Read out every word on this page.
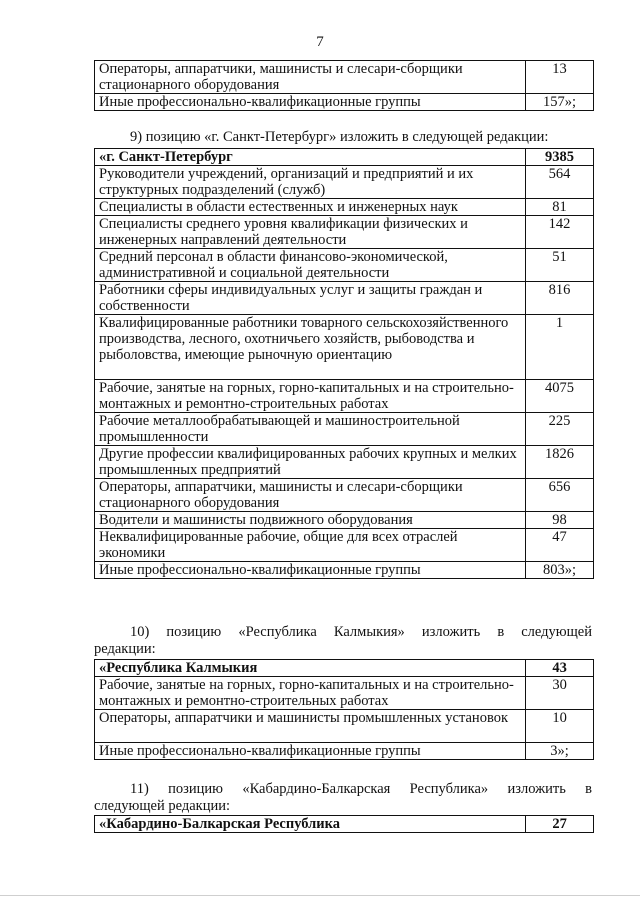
7
Операторы, аппаратчики, машинисты и слесари-сборщики стационарного оборудования	13
Иные профессионально-квалификационные группы	157»;
9) позицию «г. Санкт-Петербург» изложить в следующей редакции:
«г. Санкт-Петербург	9385
Руководители учреждений, организаций и предприятий и их структурных подразделений (служб)	564
Специалисты в области естественных и инженерных наук	81
Специалисты среднего уровня квалификации физических и инженерных направлений деятельности	142
Средний персонал в области финансово-экономической, административной и социальной деятельности	51
Работники сферы индивидуальных услуг и защиты граждан и собственности	816
Квалифицированные работники товарного сельскохозяйственного производства, лесного, охотничьего хозяйств, рыбоводства и рыболовства, имеющие рыночную ориентацию	1
Рабочие, занятые на горных, горно-капитальных и на строительно-монтажных и ремонтно-строительных работах	4075
Рабочие металлообрабатывающей и машиностроительной промышленности	225
Другие профессии квалифицированных рабочих крупных и мелких промышленных предприятий	1826
Операторы, аппаратчики, машинисты и слесари-сборщики стационарного оборудования	656
Водители и машинисты подвижного оборудования	98
Неквалифицированные рабочие, общие для всех отраслей экономики	47
Иные профессионально-квалификационные группы	803»;
10) позицию «Республика Калмыкия» изложить в следующей
редакции:
«Республика Калмыкия	43
Рабочие, занятые на горных, горно-капитальных и на строительно-монтажных и ремонтно-строительных работах	30
Операторы, аппаратчики и машинисты промышленных установок	10
Иные профессионально-квалификационные группы	3»;
11) позицию «Кабардино-Балкарская Республика» изложить в
следующей редакции:
«Кабардино-Балкарская Республика	27
